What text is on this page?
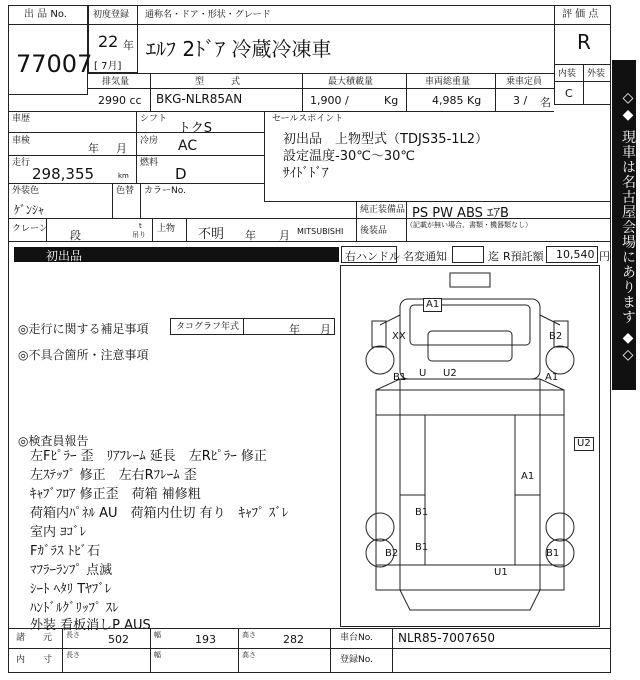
出 品 No.
77007
初度登録
22 年
[ 7月]
通称名・ドア・形状・グレード
ｴﾙﾌ 2ﾄﾞｱ 冷蔵冷凍車
評 価 点
R
内装 外装
C
排気量	型　　　式	最大積載量	車両総重量	乗車定員
2990 cc BKG-NLR85AN	1,900 /	Kg	4,985 Kg	3 / 名
車歴	シフト
トクS
車検
年 月
冷房 AC
走行
298,355	km
燃料
D
外装色
ｹﾞﾝｼｬ
色替 カラーNo.
セールスポイント
初出品　上物型式（TDJS35-1L2）
設定温度-30℃～30℃
ｻｲﾄﾞﾄﾞｱ
純正装備品 PS PW ABS ｴｱB
後装品
（記載が無い場合、書類・機器類なし）
クレーン 段
t
吊り
上物 不明 年 月 MITSUBISHI
初出品	右ハンドル 名変通知	迄 R預託額 10,540 円
◎走行に関する補足事項	タコグラフ年式	年 月
◎不具合箇所・注意事項
◎検査員報告
左Fﾋﾟﾗｰ 歪　ﾘｱﾌﾚｰﾑ 延長　左Rﾋﾟﾗｰ 修正
左ｽﾃｯﾌﾟ 修正　左右Rﾌﾚｰﾑ 歪
ｷｬﾌﾞﾌﾛｱ 修正歪　荷箱 補修粗
荷箱内ﾊﾟﾈﾙ AU　荷箱内仕切 有り　ｷｬﾌﾟ ｽﾞﾚ
室内 ﾖｺﾞﾚ
Fｶﾞﾗｽ ﾄﾋﾞ石
ﾏﾌﾗｰﾗﾝﾌﾟ 点滅
ｼｰﾄ ﾍﾀﾘ Tﾔﾌﾞﾚ
ﾊﾝﾄﾞﾙｸﾞﾘｯﾌﾟ ｽﾚ
外装 看板消しP AUS
A1
XX	B2
B1 U U2	A1
U2
A1
B1
B1
B2	B1
U1
◇◆ 現車は名古屋会場にあります ◆◇
諸　　元 長さ	502	幅	193	高さ 282	車台No. NLR85-7007650
内　　寸 長さ	幅	高さ	登録No.
